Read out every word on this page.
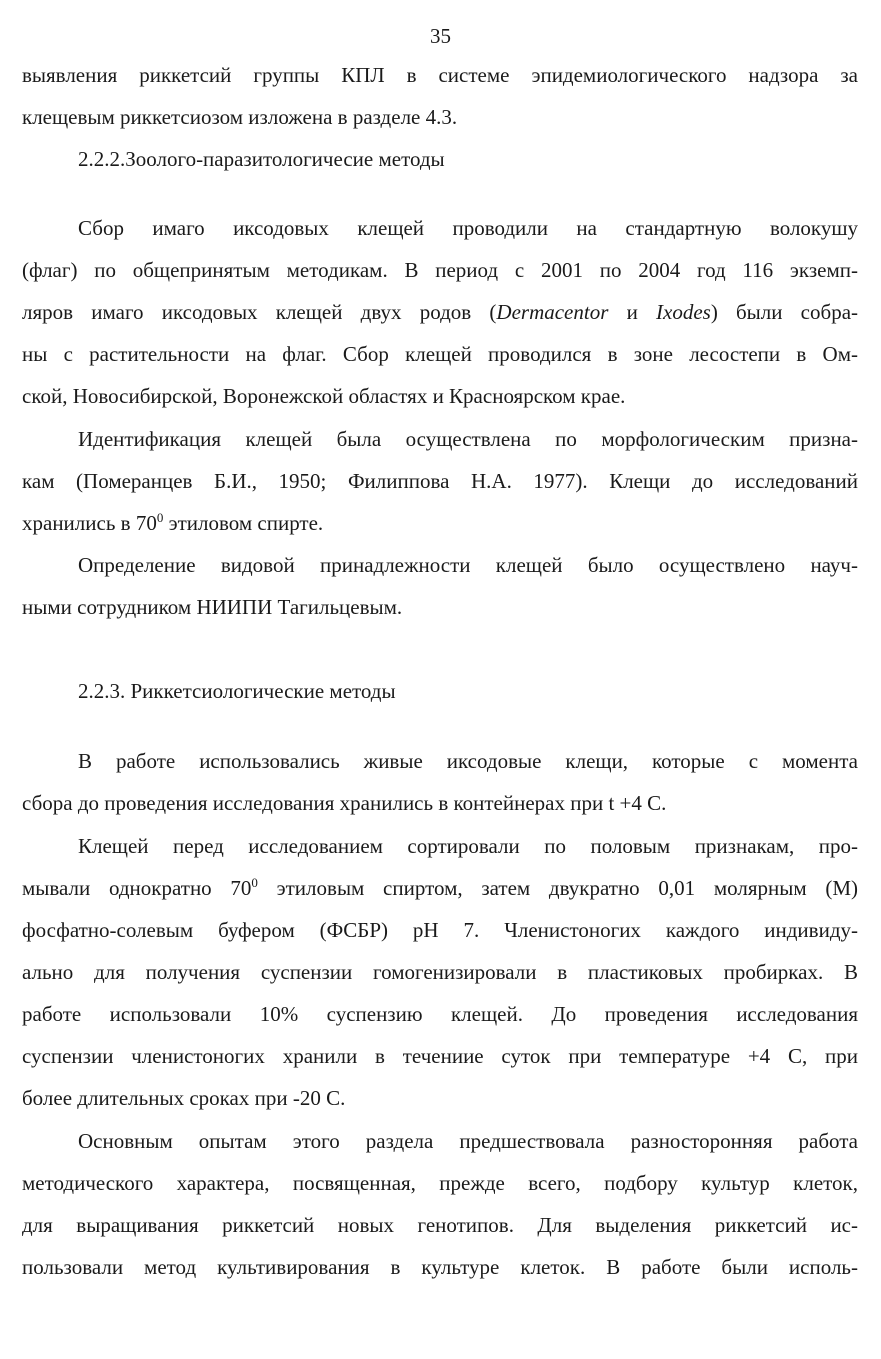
35
выявления риккетсий группы КПЛ в системе эпидемиологического надзора за
клещевым риккетсиозом изложена в разделе 4.3.
2.2.2.Зоолого-паразитологичесие методы
Сбор имаго иксодовых клещей проводили на стандартную волокушу
(флаг) по общепринятым методикам. В период с 2001 по 2004 год 116 экземп-
ляров имаго иксодовых клещей двух родов (Dermacentor и Ixodes) были собра-
ны с растительности на флаг. Сбор клещей проводился в зоне лесостепи в Ом-
ской, Новосибирской, Воронежской областях и Красноярском крае.
Идентификация клещей была осуществлена по морфологическим призна-
кам (Померанцев Б.И., 1950; Филиппова Н.А. 1977). Клещи до исследований
хранились в $70^0$ этиловом спирте.
Определение видовой принадлежности клещей было осуществлено науч-
ными сотрудником НИИПИ Тагильцевым.
2.2.3. Риккетсиологические методы
В работе использовались живые иксодовые клещи, которые с момента
сбора до проведения исследования хранились в контейнерах при t +4 С.
Клещей перед исследованием сортировали по половым признакам, про-
мывали однократно $70^0$ этиловым спиртом, затем двукратно 0,01 молярным (М)
фосфатно-солевым буфером (ФСБР) рН 7. Членистоногих каждого индивиду-
ально для получения суспензии гомогенизировали в пластиковых пробирках. В
работе использовали 10% суспензию клещей. До проведения исследования
суспензии членистоногих хранили в течениие суток при температуре +4 С, при
более длительных сроках при -20 С.
Основным опытам этого раздела предшествовала разносторонняя работа
методического характера, посвященная, прежде всего, подбору культур клеток,
для выращивания риккетсий новых генотипов. Для выделения риккетсий ис-
пользовали метод культивирования в культуре клеток. В работе были исполь-
